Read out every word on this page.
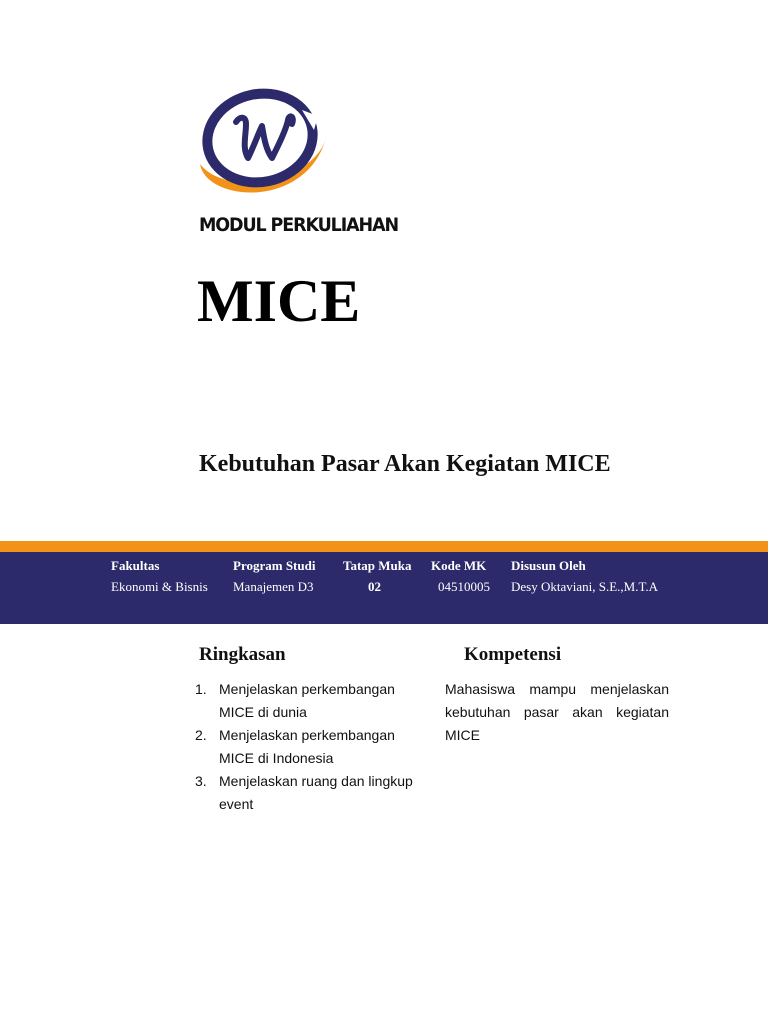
MODUL PERKULIAHAN
MICE
Kebutuhan Pasar Akan Kegiatan MICE
Fakultas
Ekonomi & Bisnis
Program Studi
Manajemen D3
Tatap Muka
02
Kode MK
04510005
Disusun Oleh
Desy Oktaviani, S.E.,M.T.A
Ringkasan
1. Menjelaskan perkembangan MICE di dunia
2. Menjelaskan perkembangan MICE di Indonesia
3. Menjelaskan ruang dan lingkup event
Kompetensi

Mahasiswa mampu menjelaskan kebutuhan pasar akan kegiatan MICE
